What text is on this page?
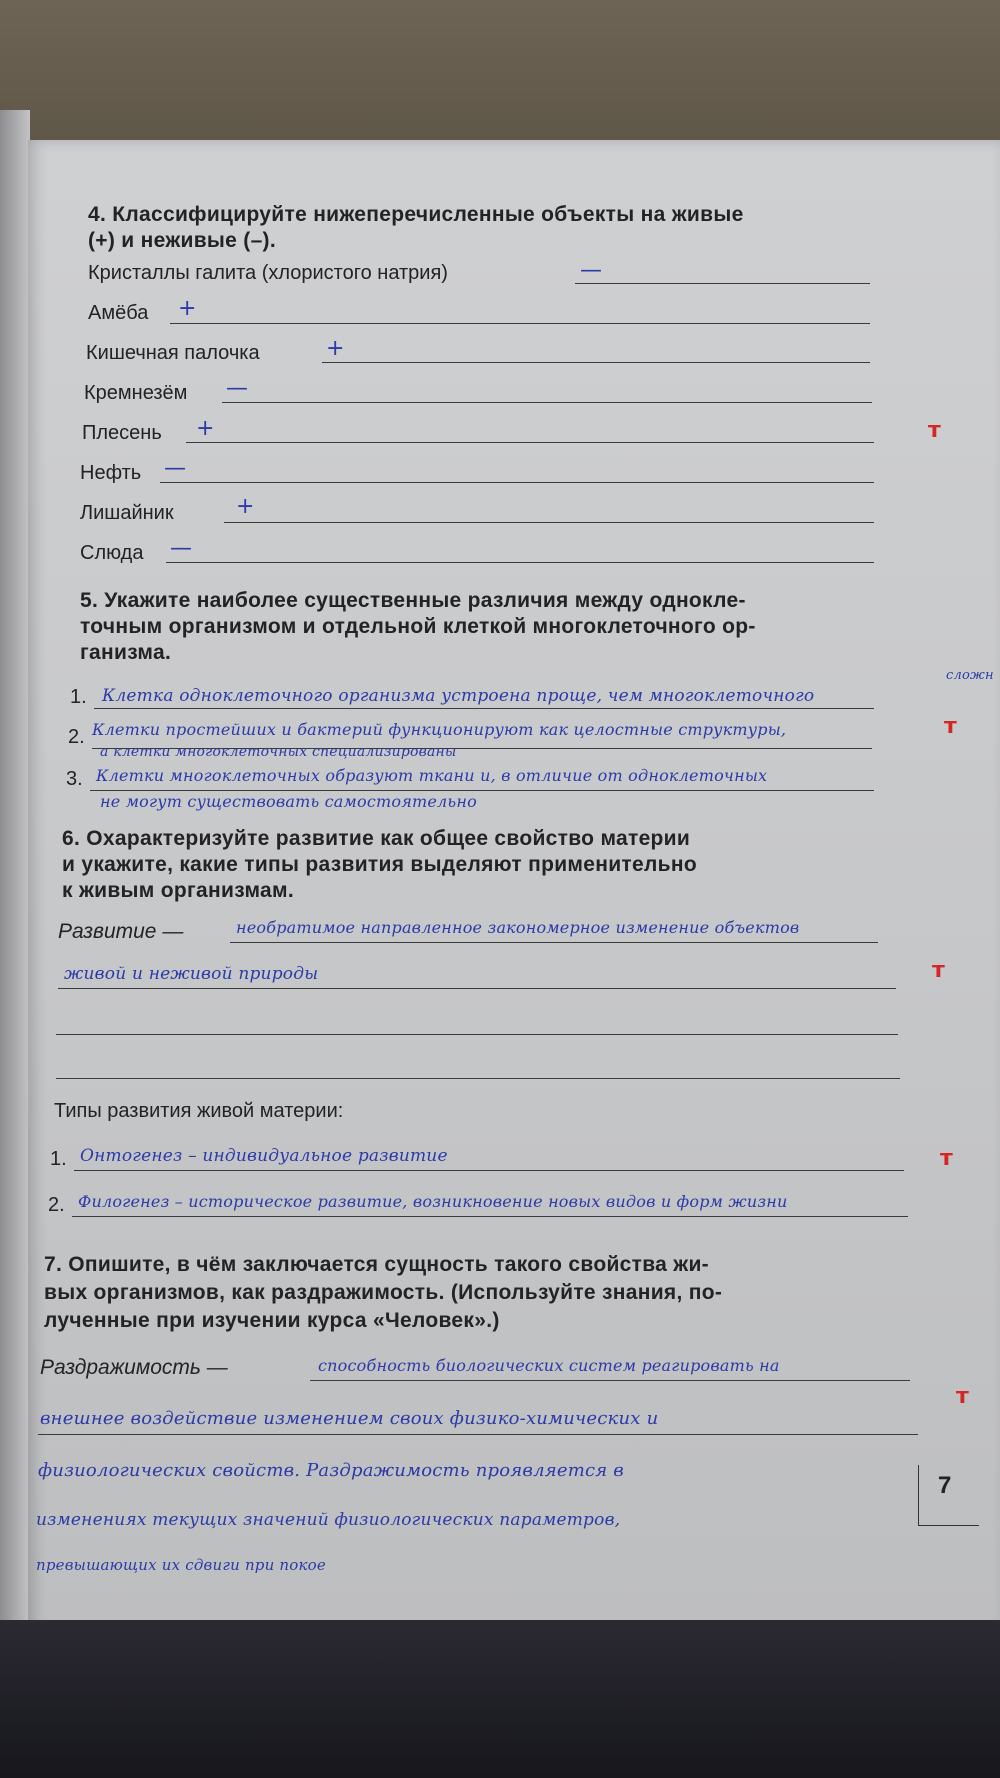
4. Классифицируйте нижеперечисленные объекты на живые
(+) и неживые (–).
Кристаллы галита (хлористого натрия)	—
Амёба +
Кишечная палочка	+
Кремнезём —
Плесень +	т
Нефть —
Лишайник	+
Слюда —
5. Укажите наиболее существенные различия между однокле-
точным организмом и отдельной клеткой многоклеточного ор-
ганизма.
1. Клетка одноклеточного организма устроена проще, чем многоклеточного
сложн
2. Клетки простейших и бактерий функционируют как целостные структуры,
а клетки многоклеточных специализированы
т
3. Клетки многоклеточных образуют ткани и, в отличие от одноклеточных
не могут существовать самостоятельно
6. Охарактеризуйте развитие как общее свойство материи
и укажите, какие типы развития выделяют применительно
к живым организмам.
Развитие —	необратимое направленное закономерное изменение объектов
живой и неживой природы	т
Типы развития живой материи:
1. Онтогенез – индивидуальное развитие	т
2. Филогенез – историческое развитие, возникновение новых видов и форм жизни
7. Опишите, в чём заключается сущность такого свойства жи-
вых организмов, как раздражимость. (Используйте знания, по-
лученные при изучении курса «Человек».)
Раздражимость —	способность биологических систем реагировать на
т
внешнее воздействие изменением своих физико-химических и
физиологических свойств. Раздражимость проявляется в
изменениях текущих значений физиологических параметров,
превышающих их сдвиги при покое
7
